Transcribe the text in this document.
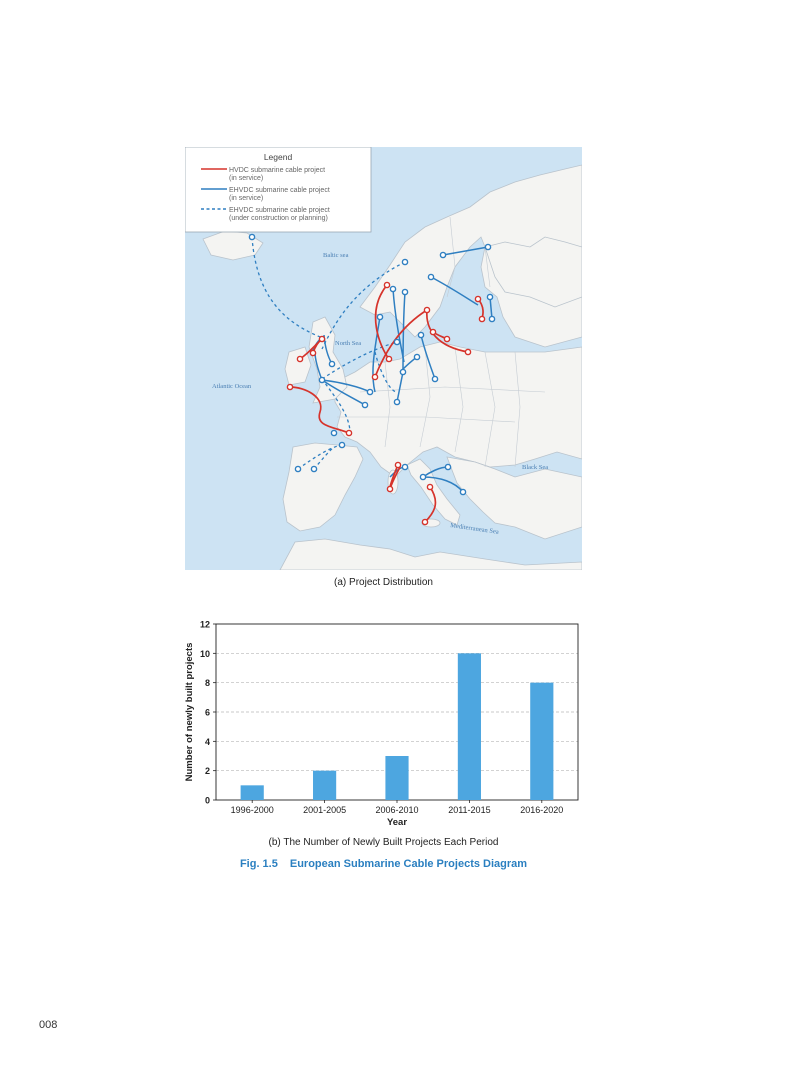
Baltic sea
North Sea
Atlantic Ocean
Black Sea
Mediterranean Sea
Legend
HVDC submarine cable project
(in service)
EHVDC submarine cable project
(in service)
EHVDC submarine cable project
(under construction or planning)
(a) Project Distribution
0
2
4
6
8
10
12
1996-2000	2001-2005	2006-2010	2011-2015	2016-2020
Year
Number of newly built projects
(b) The Number of Newly Built Projects Each Period
Fig. 1.5 European Submarine Cable Projects Diagram
008
